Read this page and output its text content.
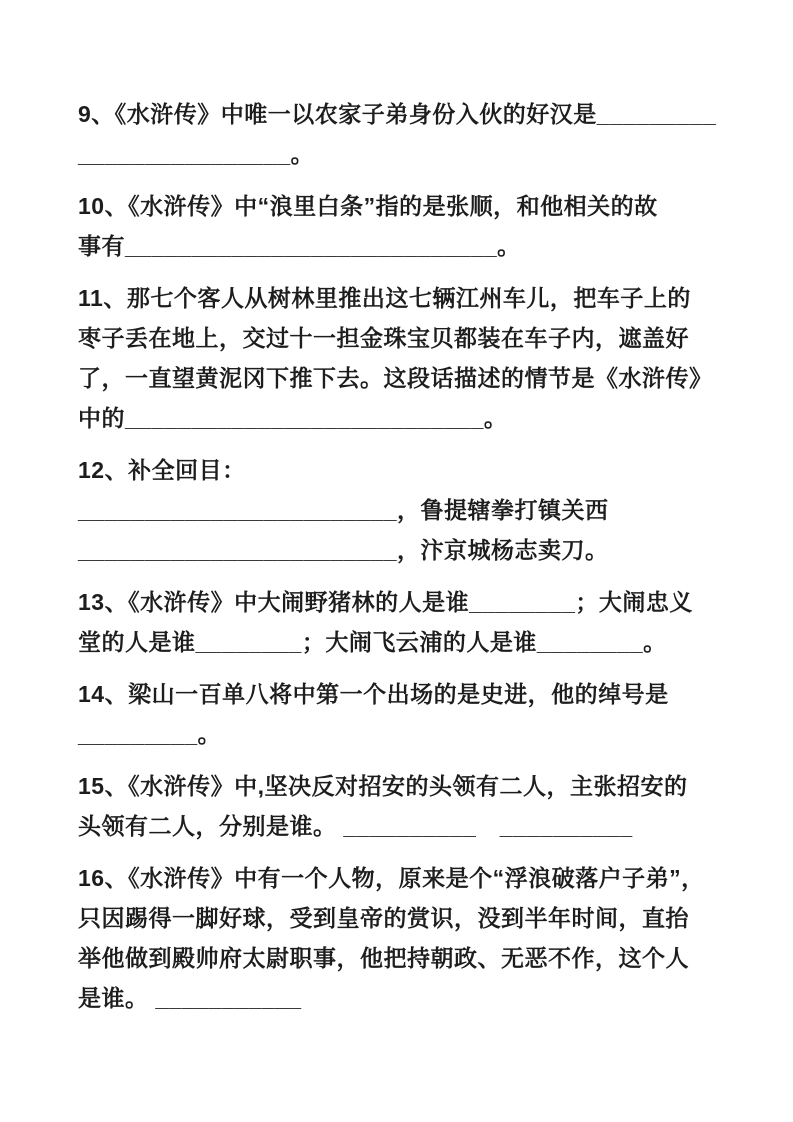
9、《水浒传》中唯一以农家子弟身份入伙的好汉是_________
________________。
10、《水浒传》中“浪里白条”指的是张顺，和他相关的故
事有____________________________。
11、那七个客人从树林里推出这七辆江州车儿，把车子上的
枣子丢在地上，交过十一担金珠宝贝都装在车子内，遮盖好
了，一直望黄泥冈下推下去。这段话描述的情节是《水浒传》
中的___________________________。
12、补全回目：
________________________，鲁提辖拳打镇关西
________________________，汴京城杨志卖刀。
13、《水浒传》中大闹野猪林的人是谁________；大闹忠义
堂的人是谁________；大闹飞云浦的人是谁________。
14、梁山一百单八将中第一个出场的是史进，他的绰号是
_________。
15、《水浒传》中,坚决反对招安的头领有二人，主张招安的
头领有二人，分别是谁。 __________　__________
16、《水浒传》中有一个人物，原来是个“浮浪破落户子弟”，
只因踢得一脚好球，受到皇帝的赏识，没到半年时间，直抬
举他做到殿帅府太尉职事，他把持朝政、无恶不作，这个人
是谁。 ___________
